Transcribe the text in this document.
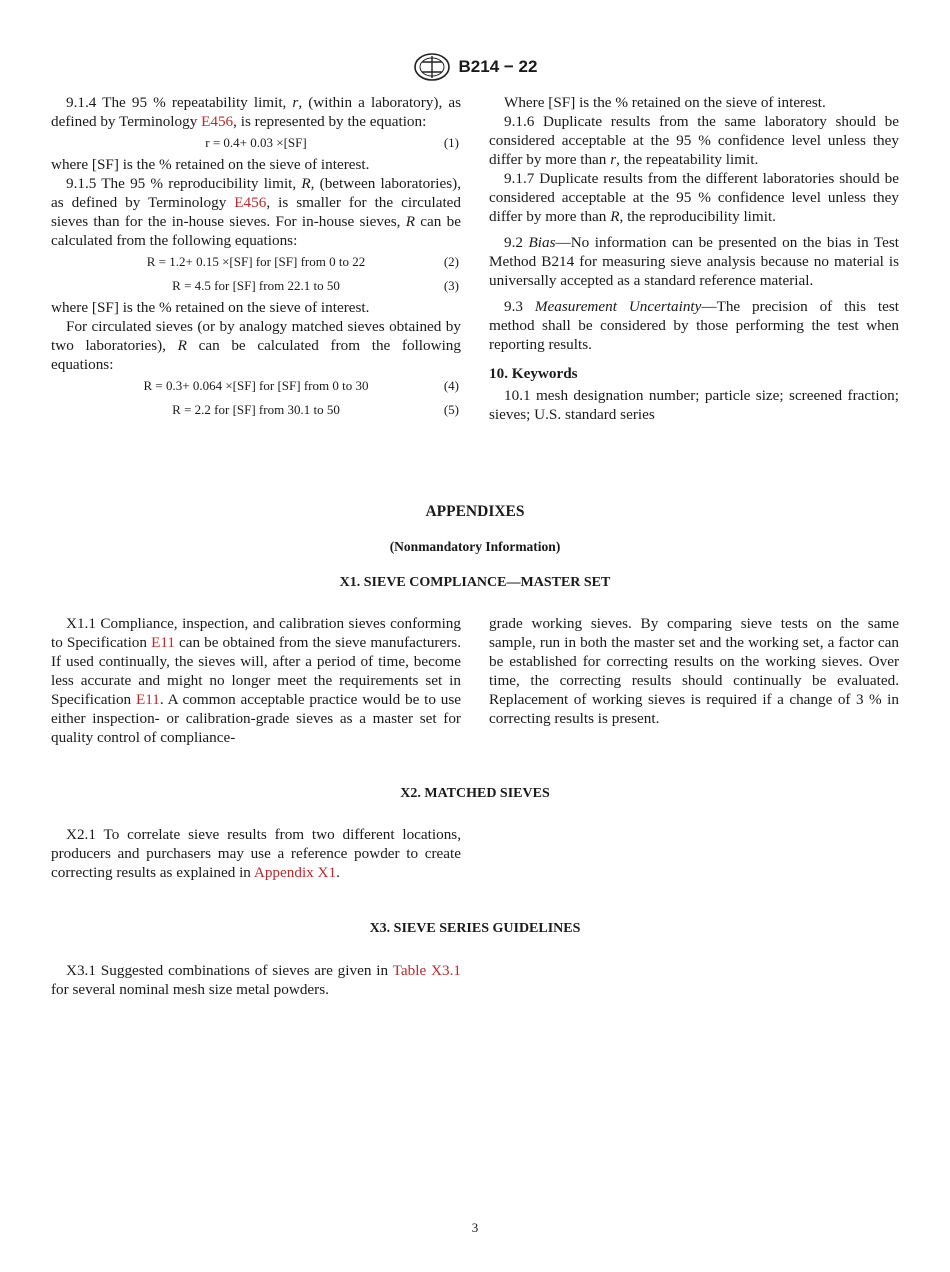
B214 − 22

9.1.4 The 95 % repeatability limit, r, (within a laboratory), as defined by Terminology E456, is represented by the equation:

r = 0.4+ 0.03 ×[SF]	(1)

where [SF] is the % retained on the sieve of interest.

9.1.5 The 95 % reproducibility limit, R, (between laboratories), as defined by Terminology E456, is smaller for the circulated sieves than for the in-house sieves. For in-house sieves, R can be calculated from the following equations:

R = 1.2+ 0.15 ×[SF] for [SF] from 0 to 22	(2)
R = 4.5 for [SF] from 22.1 to 50	(3)

where [SF] is the % retained on the sieve of interest.

For circulated sieves (or by analogy matched sieves obtained by two laboratories), R can be calculated from the following equations:

R = 0.3+ 0.064 ×[SF] for [SF] from 0 to 30	(4)
R = 2.2 for [SF] from 30.1 to 50	(5)

Where [SF] is the % retained on the sieve of interest.

9.1.6 Duplicate results from the same laboratory should be considered acceptable at the 95 % confidence level unless they differ by more than r, the repeatability limit.

9.1.7 Duplicate results from the different laboratories should be considered acceptable at the 95 % confidence level unless they differ by more than R, the reproducibility limit.

9.2 Bias—No information can be presented on the bias in Test Method B214 for measuring sieve analysis because no material is universally accepted as a standard reference material.

9.3 Measurement Uncertainty—The precision of this test method shall be considered by those performing the test when reporting results.

10. Keywords

10.1 mesh designation number; particle size; screened fraction; sieves; U.S. standard series

APPENDIXES
(Nonmandatory Information)
X1. SIEVE COMPLIANCE—MASTER SET

X1.1 Compliance, inspection, and calibration sieves conforming to Specification E11 can be obtained from the sieve manufacturers. If used continually, the sieves will, after a period of time, become less accurate and might no longer meet the requirements set in Specification E11. A common acceptable practice would be to use either inspection- or calibration-grade sieves as a master set for quality control of compliance-

grade working sieves. By comparing sieve tests on the same sample, run in both the master set and the working set, a factor can be established for correcting results on the working sieves. Over time, the correcting results should continually be evaluated. Replacement of working sieves is required if a change of 3 % in correcting results is present.

X2. MATCHED SIEVES

X2.1 To correlate sieve results from two different locations, producers and purchasers may use a reference powder to create correcting results as explained in Appendix X1.

X3. SIEVE SERIES GUIDELINES

X3.1 Suggested combinations of sieves are given in Table X3.1 for several nominal mesh size metal powders.

3
